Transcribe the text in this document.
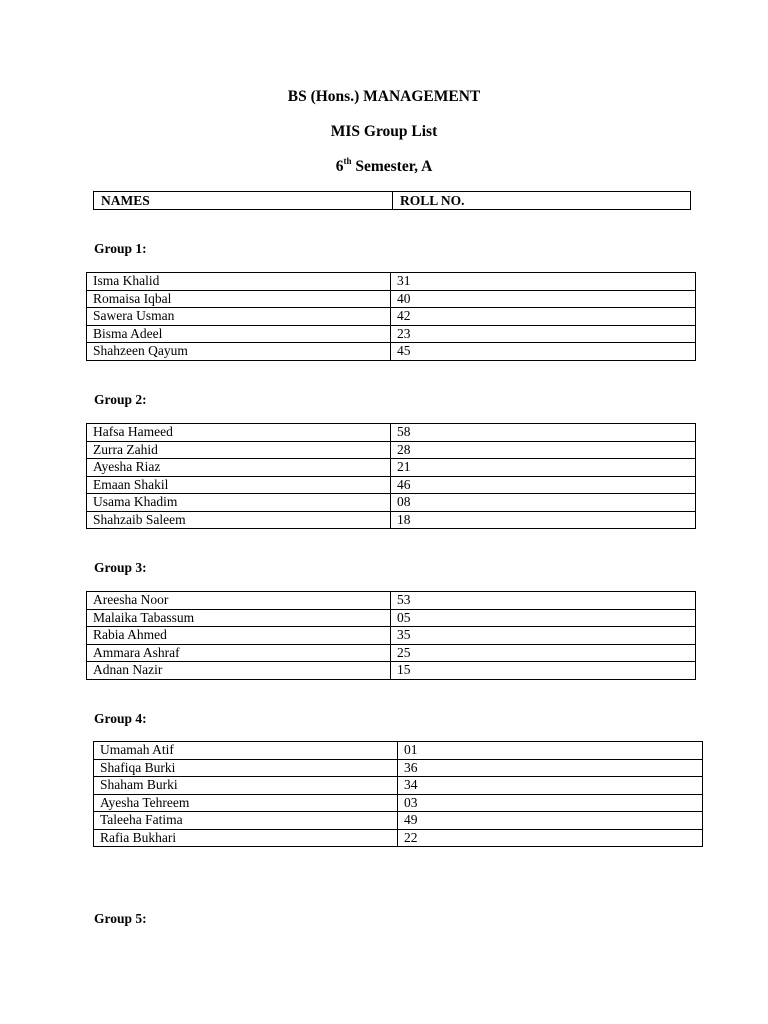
BS (Hons.) MANAGEMENT
MIS Group List
6th Semester, A
NAMES	ROLL NO.
Group 1:
Isma Khalid	31
Romaisa Iqbal	40
Sawera Usman	42
Bisma Adeel	23
Shahzeen Qayum	45
Group 2:
Hafsa Hameed	58
Zurra Zahid	28
Ayesha Riaz	21
Emaan Shakil	46
Usama Khadim	08
Shahzaib Saleem	18
Group 3:
Areesha Noor	53
Malaika Tabassum	05
Rabia Ahmed	35
Ammara Ashraf	25
Adnan Nazir	15
Group 4:
Umamah Atif	01
Shafiqa Burki	36
Shaham Burki	34
Ayesha Tehreem	03
Taleeha Fatima	49
Rafia Bukhari	22
Group 5:
